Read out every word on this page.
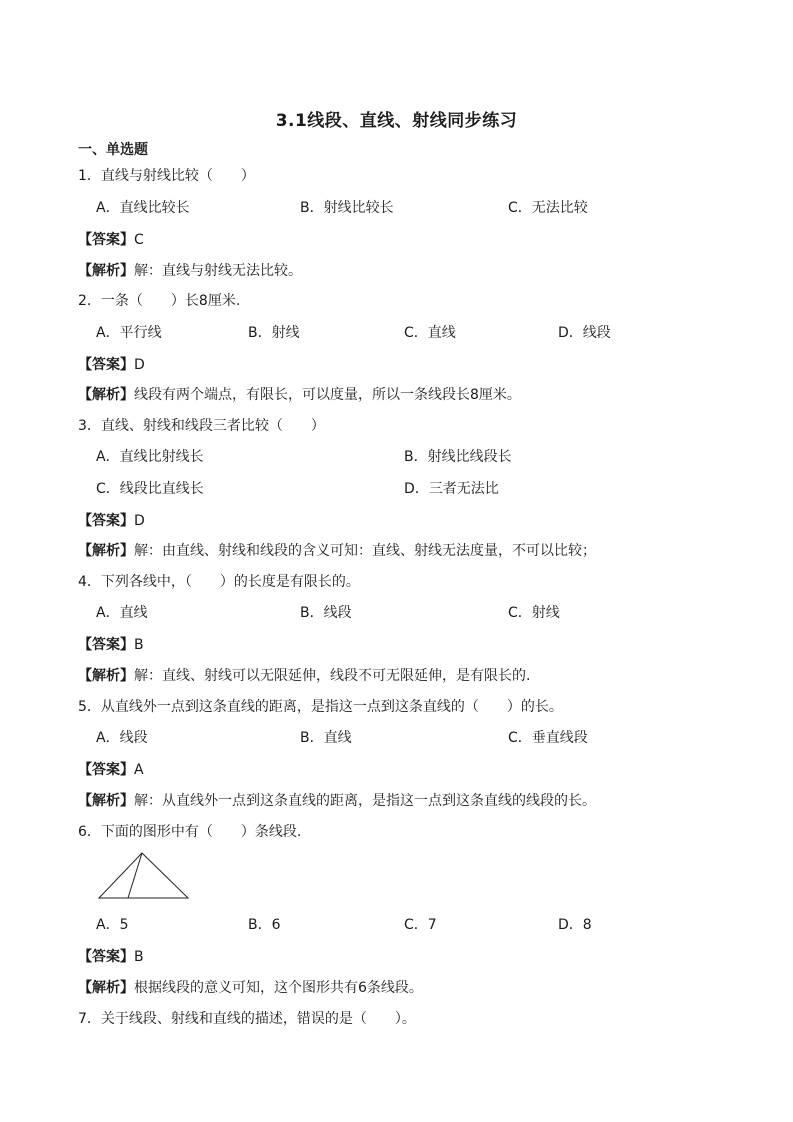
3.1线段、直线、射线同步练习
一、单选题
1．直线与射线比较（　　）
A．直线比较长	B．射线比较长	C．无法比较
【答案】C
【解析】解：直线与射线无法比较。
2．一条（　　）长8厘米.
A．平行线	B．射线	C．直线	D．线段
【答案】D
【解析】线段有两个端点，有限长，可以度量，所以一条线段长8厘米。
3．直线、射线和线段三者比较（　　）
A．直线比射线长	B．射线比线段长
C．线段比直线长	D．三者无法比
【答案】D
【解析】解：由直线、射线和线段的含义可知：直线、射线无法度量，不可以比较；
4．下列各线中，（　　）的长度是有限长的。
A．直线	B．线段	C．射线
【答案】B
【解析】解：直线、射线可以无限延伸，线段不可无限延伸，是有限长的.
5．从直线外一点到这条直线的距离，是指这一点到这条直线的（　　）的长。
A．线段	B．直线	C．垂直线段
【答案】A
【解析】解：从直线外一点到这条直线的距离，是指这一点到这条直线的线段的长。
6．下面的图形中有（　　）条线段.
A．5	B．6	C．7	D．8
【答案】B
【解析】根据线段的意义可知，这个图形共有6条线段。
7．关于线段、射线和直线的描述，错误的是（　　）。
